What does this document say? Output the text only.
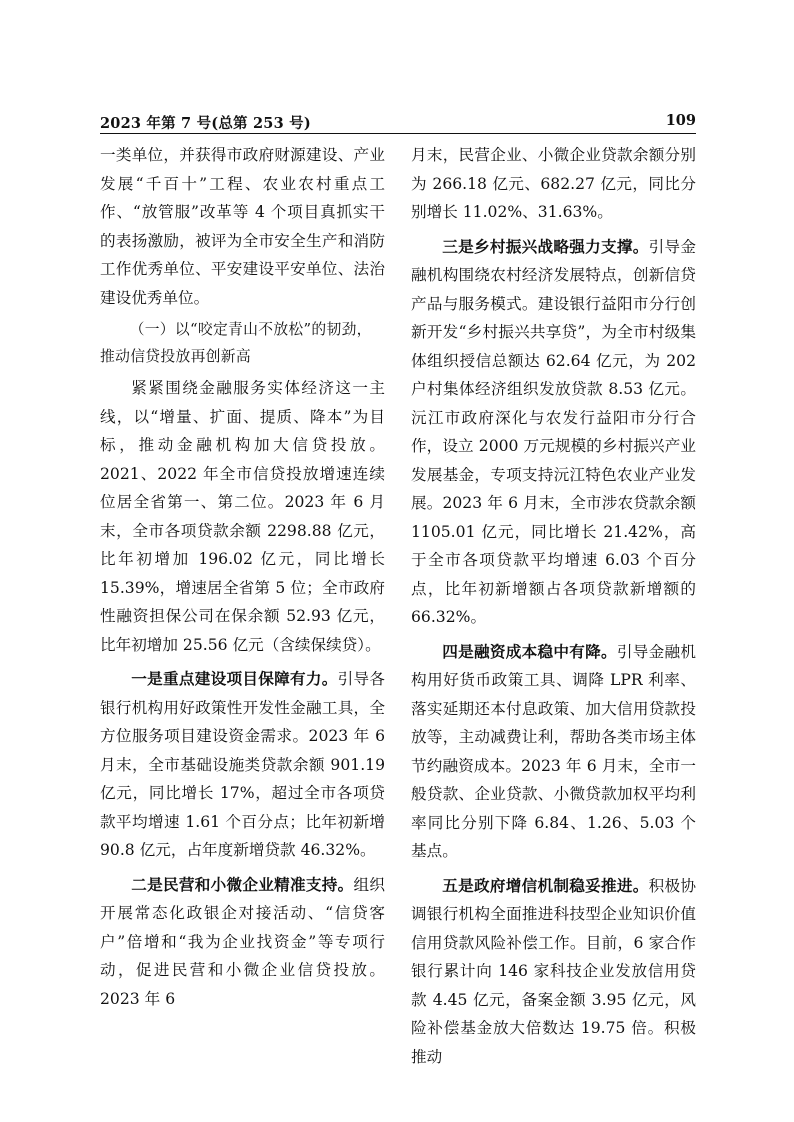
2023 年第 7 号(总第 253 号)	109

一类单位，并获得市政府财源建设、产业发展“千百十”工程、农业农村重点工作、“放管服”改革等 4 个项目真抓实干的表扬激励，被评为全市安全生产和消防工作优秀单位、平安建设平安单位、法治建设优秀单位。

（一）以“咬定青山不放松”的韧劲，推动信贷投放再创新高

紧紧围绕金融服务实体经济这一主线，以“增量、扩面、提质、降本”为目标，推动金融机构加大信贷投放。2021、2022 年全市信贷投放增速连续位居全省第一、第二位。2023 年 6 月末，全市各项贷款余额 2298.88 亿元，比年初增加 196.02 亿元，同比增长 15.39%，增速居全省第 5 位；全市政府性融资担保公司在保余额 52.93 亿元，比年初增加 25.56 亿元（含续保续贷）。

一是重点建设项目保障有力。引导各银行机构用好政策性开发性金融工具，全方位服务项目建设资金需求。2023 年 6 月末，全市基础设施类贷款余额 901.19 亿元，同比增长 17%，超过全市各项贷款平均增速 1.61 个百分点；比年初新增 90.8 亿元，占年度新增贷款 46.32%。

二是民营和小微企业精准支持。组织开展常态化政银企对接活动、“信贷客户”倍增和“我为企业找资金”等专项行动，促进民营和小微企业信贷投放。2023 年 6

月末，民营企业、小微企业贷款余额分别为 266.18 亿元、682.27 亿元，同比分别增长 11.02%、31.63%。

三是乡村振兴战略强力支撑。引导金融机构围绕农村经济发展特点，创新信贷产品与服务模式。建设银行益阳市分行创新开发“乡村振兴共享贷”，为全市村级集体组织授信总额达 62.64 亿元，为 202 户村集体经济组织发放贷款 8.53 亿元。沅江市政府深化与农发行益阳市分行合作，设立 2000 万元规模的乡村振兴产业发展基金，专项支持沅江特色农业产业发展。2023 年 6 月末，全市涉农贷款余额 1105.01 亿元，同比增长 21.42%，高于全市各项贷款平均增速 6.03 个百分点，比年初新增额占各项贷款新增额的 66.32%。

四是融资成本稳中有降。引导金融机构用好货币政策工具、调降 LPR 利率、落实延期还本付息政策、加大信用贷款投放等，主动减费让利，帮助各类市场主体节约融资成本。2023 年 6 月末，全市一般贷款、企业贷款、小微贷款加权平均利率同比分别下降 6.84、1.26、5.03 个基点。

五是政府增信机制稳妥推进。积极协调银行机构全面推进科技型企业知识价值信用贷款风险补偿工作。目前，6 家合作银行累计向 146 家科技企业发放信用贷款 4.45 亿元，备案金额 3.95 亿元，风险补偿基金放大倍数达 19.75 倍。积极推动
